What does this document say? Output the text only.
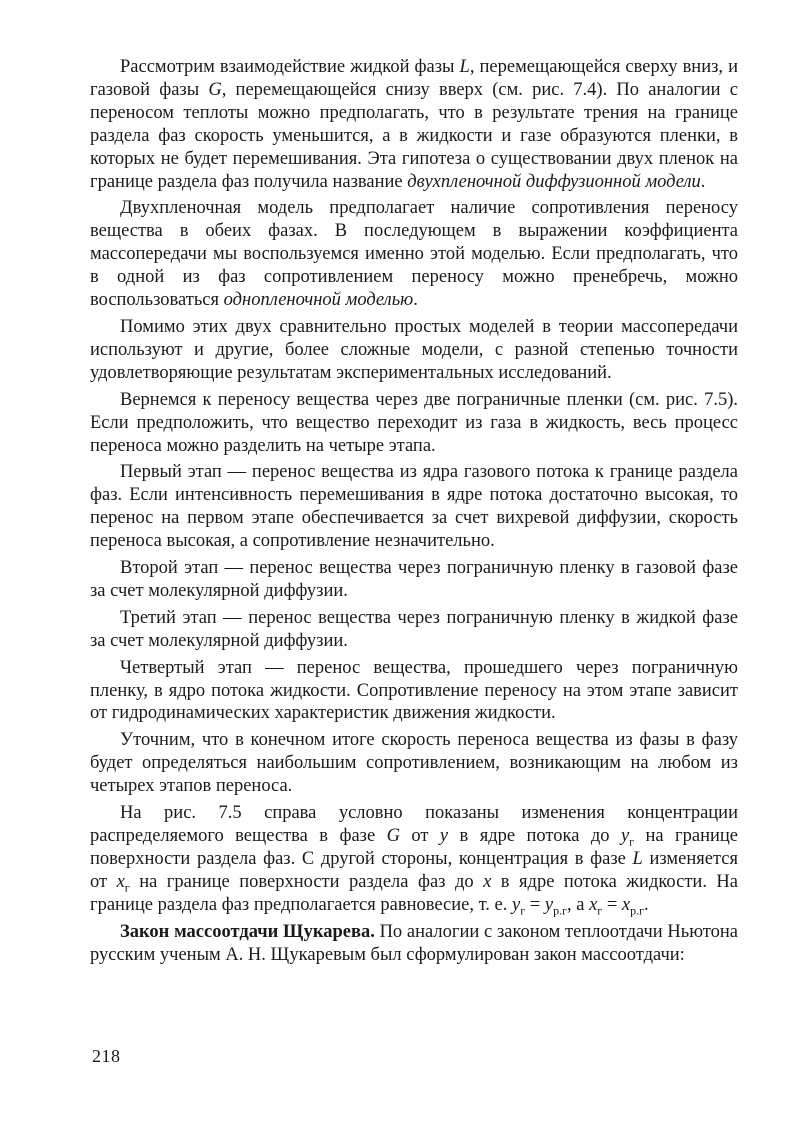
Рассмотрим взаимодействие жидкой фазы L, перемещающейся сверху вниз, и газовой фазы G, перемещающейся снизу вверх (см. рис. 7.4). По аналогии с переносом теплоты можно предполагать, что в результате трения на границе раздела фаз скорость уменьшится, а в жидкости и газе образуются пленки, в которых не будет перемешивания. Эта гипотеза о существовании двух пленок на границе раздела фаз получила название двухпленочной диффузионной модели.

Двухпленочная модель предполагает наличие сопротивления переносу вещества в обеих фазах. В последующем в выражении коэффициента массопередачи мы воспользуемся именно этой моделью. Если предполагать, что в одной из фаз сопротивлением переносу можно пренебречь, можно воспользоваться однопленочной моделью.

Помимо этих двух сравнительно простых моделей в теории массопередачи используют и другие, более сложные модели, с разной степенью точности удовлетворяющие результатам экспериментальных исследований.

Вернемся к переносу вещества через две пограничные пленки (см. рис. 7.5). Если предположить, что вещество переходит из газа в жидкость, весь процесс переноса можно разделить на четыре этапа.

Первый этап — перенос вещества из ядра газового потока к границе раздела фаз. Если интенсивность перемешивания в ядре потока достаточно высокая, то перенос на первом этапе обеспечивается за счет вихревой диффузии, скорость переноса высокая, а сопротивление незначительно.

Второй этап — перенос вещества через пограничную пленку в газовой фазе за счет молекулярной диффузии.

Третий этап — перенос вещества через пограничную пленку в жидкой фазе за счет молекулярной диффузии.

Четвертый этап — перенос вещества, прошедшего через пограничную пленку, в ядро потока жидкости. Сопротивление переносу на этом этапе зависит от гидродинамических характеристик движения жидкости.

Уточним, что в конечном итоге скорость переноса вещества из фазы в фазу будет определяться наибольшим сопротивлением, возникающим на любом из четырех этапов переноса.

На рис. 7.5 справа условно показаны изменения концентрации распределяемого вещества в фазе G от y в ядре потока до $y_г$ на границе поверхности раздела фаз. С другой стороны, концентрация в фазе L изменяется от $x_г$ на границе поверхности раздела фаз до x в ядре потока жидкости. На границе раздела фаз предполагается равновесие, т. е. $y_г = y_{р.г}$, а $x_г = x_{р.г}$.

Закон массоотдачи Щукарева. По аналогии с законом теплоотдачи Ньютона русским ученым А. Н. Щукаревым был сформулирован закон массоотдачи:

218
